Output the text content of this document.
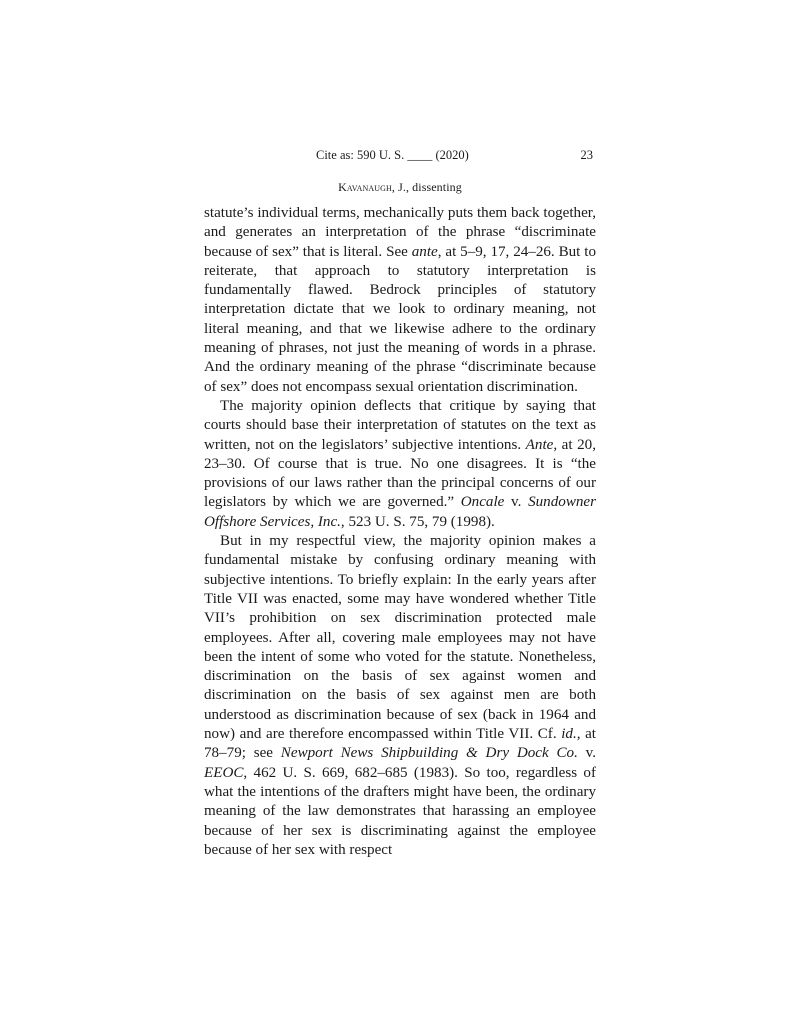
Cite as: 590 U. S. ____ (2020)	23
Kavanaugh, J., dissenting

statute’s individual terms, mechanically puts them back together, and generates an interpretation of the phrase “discriminate because of sex” that is literal. See ante, at 5–9, 17, 24–26. But to reiterate, that approach to statutory interpretation is fundamentally flawed. Bedrock principles of statutory interpretation dictate that we look to ordinary meaning, not literal meaning, and that we likewise adhere to the ordinary meaning of phrases, not just the meaning of words in a phrase. And the ordinary meaning of the phrase “discriminate because of sex” does not encompass sexual orientation discrimination.

The majority opinion deflects that critique by saying that courts should base their interpretation of statutes on the text as written, not on the legislators’ subjective intentions. Ante, at 20, 23–30. Of course that is true. No one disagrees. It is “the provisions of our laws rather than the principal concerns of our legislators by which we are governed.” Oncale v. Sundowner Offshore Services, Inc., 523 U. S. 75, 79 (1998).

But in my respectful view, the majority opinion makes a fundamental mistake by confusing ordinary meaning with subjective intentions. To briefly explain: In the early years after Title VII was enacted, some may have wondered whether Title VII’s prohibition on sex discrimination protected male employees. After all, covering male employees may not have been the intent of some who voted for the statute. Nonetheless, discrimination on the basis of sex against women and discrimination on the basis of sex against men are both understood as discrimination because of sex (back in 1964 and now) and are therefore encompassed within Title VII. Cf. id., at 78–79; see Newport News Shipbuilding & Dry Dock Co. v. EEOC, 462 U. S. 669, 682–685 (1983). So too, regardless of what the intentions of the drafters might have been, the ordinary meaning of the law demonstrates that harassing an employee because of her sex is discriminating against the employee because of her sex with respect
